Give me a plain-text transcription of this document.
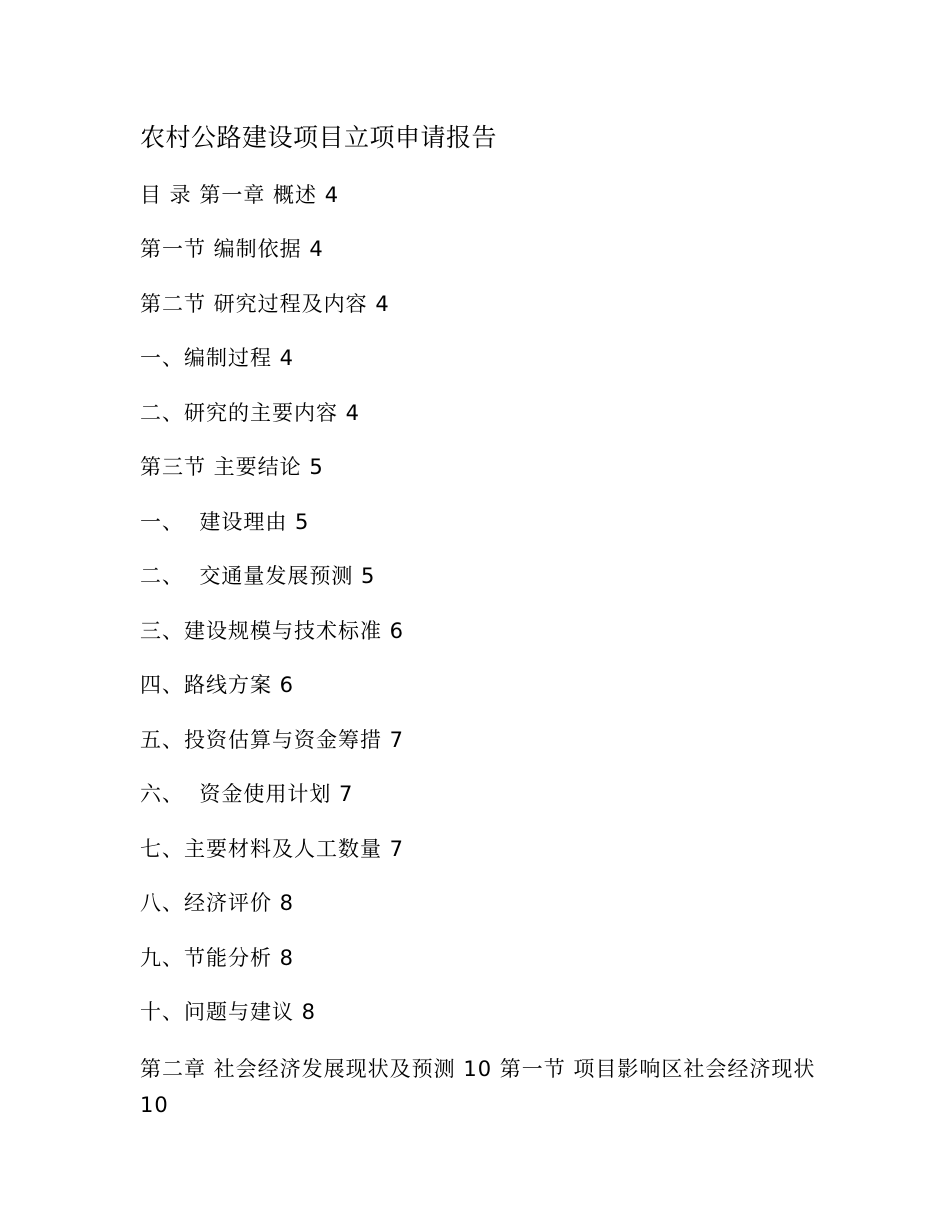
农村公路建设项目立项申请报告
目 录 第一章 概述 4
第一节 编制依据 4
第二节 研究过程及内容 4
一、编制过程 4
二、研究的主要内容 4
第三节 主要结论 5
一、  建设理由 5
二、  交通量发展预测 5
三、建设规模与技术标准 6
四、路线方案 6
五、投资估算与资金筹措 7
六、  资金使用计划 7
七、主要材料及人工数量 7
八、经济评价 8
九、节能分析 8
十、问题与建议 8
第二章 社会经济发展现状及预测 10 第一节 项目影响区社会经济现状 10
